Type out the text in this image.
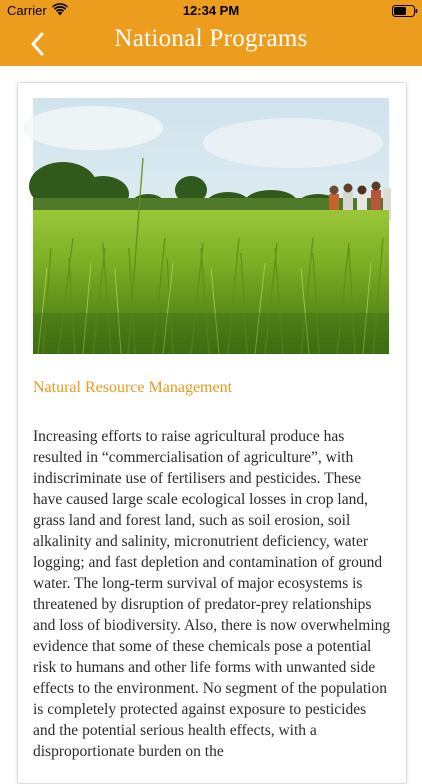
Carrier	12:34 PM
National Programs
Natural Resource Management
Increasing efforts to raise agricultural produce has resulted in “commercialisation of agriculture”, with indiscriminate use of fertilisers and pesticides. These have caused large scale ecological losses in crop land, grass land and forest land, such as soil erosion, soil alkalinity and salinity, micronutrient deficiency, water logging; and fast depletion and contamination of ground water. The long-term survival of major ecosystems is threatened by disruption of predator-prey relationships and loss of biodiversity. Also, there is now overwhelming evidence that some of these chemicals pose a potential risk to humans and other life forms with unwanted side effects to the environment. No segment of the population is completely protected against exposure to pesticides and the potential serious health effects, with a disproportionate burden on the
